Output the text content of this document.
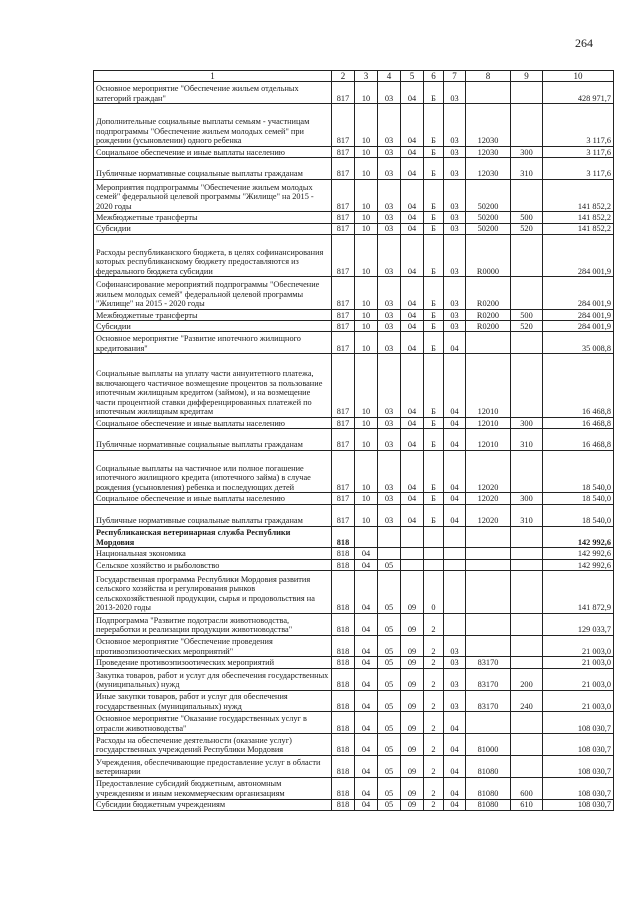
264
1	2	3	4	5	6	7	8	9	10
Основное мероприятие "Обеспечение жильем отдельных категорий граждан"	817	10	03	04	Б	03			428 971,7
Дополнительные социальные выплаты семьям - участницам подпрограммы "Обеспечение жильем молодых семей" при рождении (усыновлении) одного ребенка	817	10	03	04	Б	03	12030		3 117,6
Социальное обеспечение и иные выплаты населению	817	10	03	04	Б	03	12030	300	3 117,6
Публичные нормативные социальные выплаты гражданам	817	10	03	04	Б	03	12030	310	3 117,6
Мероприятия подпрограммы "Обеспечение жильем молодых семей" федеральной целевой программы "Жилище" на 2015 - 2020 годы	817	10	03	04	Б	03	50200		141 852,2
Межбюджетные трансферты	817	10	03	04	Б	03	50200	500	141 852,2
Субсидии	817	10	03	04	Б	03	50200	520	141 852,2
Расходы республиканского бюджета, в целях софинансирования которых республиканскому бюджету предоставляются из федерального бюджета субсидии	817	10	03	04	Б	03	R0000		284 001,9
Софинансирование мероприятий подпрограммы "Обеспечение жильем молодых семей" федеральной целевой программы "Жилище" на 2015 - 2020 годы	817	10	03	04	Б	03	R0200		284 001,9
Межбюджетные трансферты	817	10	03	04	Б	03	R0200	500	284 001,9
Субсидии	817	10	03	04	Б	03	R0200	520	284 001,9
Основное мероприятие "Развитие ипотечного жилищного кредитования"	817	10	03	04	Б	04			35 008,8
Социальные выплаты на уплату части аннуитетного платежа, включающего частичное возмещение процентов за пользование ипотечным жилищным кредитом (займом), и на возмещение части процентной ставки дифференцированных платежей по ипотечным жилищным кредитам	817	10	03	04	Б	04	12010		16 468,8
Социальное обеспечение и иные выплаты населению	817	10	03	04	Б	04	12010	300	16 468,8
Публичные нормативные социальные выплаты гражданам	817	10	03	04	Б	04	12010	310	16 468,8
Социальные выплаты на частичное или полное погашение ипотечного жилищного кредита (ипотечного займа) в случае рождения (усыновления) ребенка и последующих детей	817	10	03	04	Б	04	12020		18 540,0
Социальное обеспечение и иные выплаты населению	817	10	03	04	Б	04	12020	300	18 540,0
Публичные нормативные социальные выплаты гражданам	817	10	03	04	Б	04	12020	310	18 540,0
Республиканская ветеринарная служба Республики Мордовия	818								142 992,6
Национальная экономика	818	04							142 992,6
Сельское хозяйство и рыболовство	818	04	05						142 992,6
Государственная программа Республики Мордовия развития сельского хозяйства и регулирования рынков сельскохозяйственной продукции, сырья и продовольствия на 2013-2020 годы	818	04	05	09	0				141 872,9
Подпрограмма "Развитие подотрасли животноводства, переработки и реализации продукции животноводства"	818	04	05	09	2				129 033,7
Основное мероприятие "Обеспечение проведения противоэпизоотических мероприятий"	818	04	05	09	2	03			21 003,0
Проведение противоэпизоотических мероприятий	818	04	05	09	2	03	83170		21 003,0
Закупка товаров, работ и услуг для обеспечения государственных (муниципальных) нужд	818	04	05	09	2	03	83170	200	21 003,0
Иные закупки товаров, работ и услуг для обеспечения государственных (муниципальных) нужд	818	04	05	09	2	03	83170	240	21 003,0
Основное мероприятие "Оказание государственных услуг в отрасли животноводства"	818	04	05	09	2	04			108 030,7
Расходы на обеспечение деятельности (оказание услуг) государственных учреждений Республики Мордовия	818	04	05	09	2	04	81000		108 030,7
Учреждения, обеспечивающие предоставление услуг в области ветеринарии	818	04	05	09	2	04	81080		108 030,7
Предоставление субсидий бюджетным, автономным учреждениям и иным некоммерческим организациям	818	04	05	09	2	04	81080	600	108 030,7
Субсидии бюджетным учреждениям	818	04	05	09	2	04	81080	610	108 030,7
